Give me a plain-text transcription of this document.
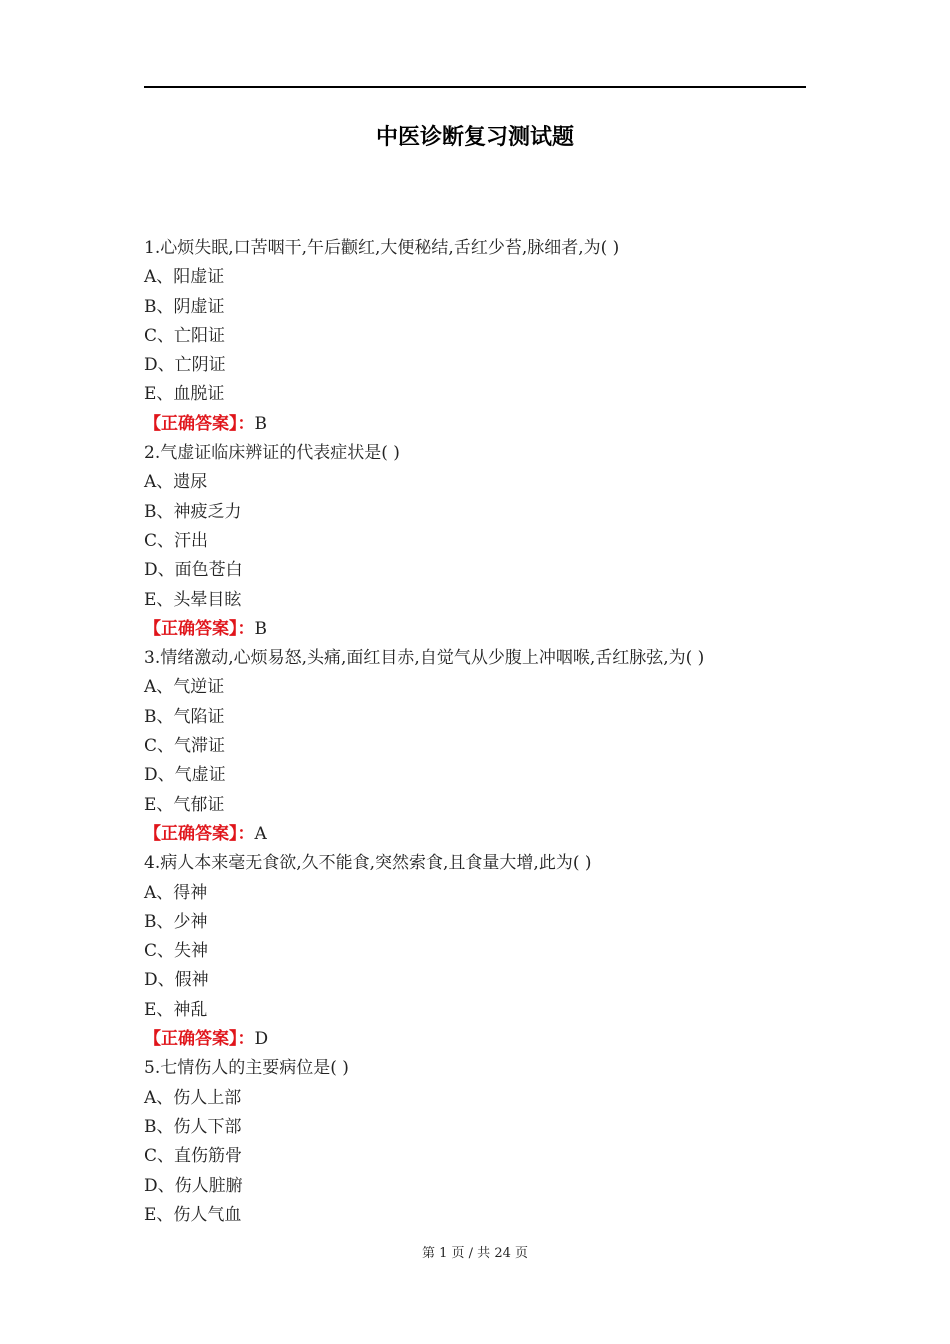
中医诊断复习测试题
1.心烦失眠,口苦咽干,午后颧红,大便秘结,舌红少苔,脉细者,为( )
A、阳虚证
B、阴虚证
C、亡阳证
D、亡阴证
E、血脱证
【正确答案】：B
2.气虚证临床辨证的代表症状是( )
A、遗尿
B、神疲乏力
C、汗出
D、面色苍白
E、头晕目眩
【正确答案】：B
3.情绪激动,心烦易怒,头痛,面红目赤,自觉气从少腹上冲咽喉,舌红脉弦,为( )
A、气逆证
B、气陷证
C、气滞证
D、气虚证
E、气郁证
【正确答案】：A
4.病人本来毫无食欲,久不能食,突然索食,且食量大增,此为( )
A、得神
B、少神
C、失神
D、假神
E、神乱
【正确答案】：D
5.七情伤人的主要病位是( )
A、伤人上部
B、伤人下部
C、直伤筋骨
D、伤人脏腑
E、伤人气血
第 1 页 / 共 24 页
